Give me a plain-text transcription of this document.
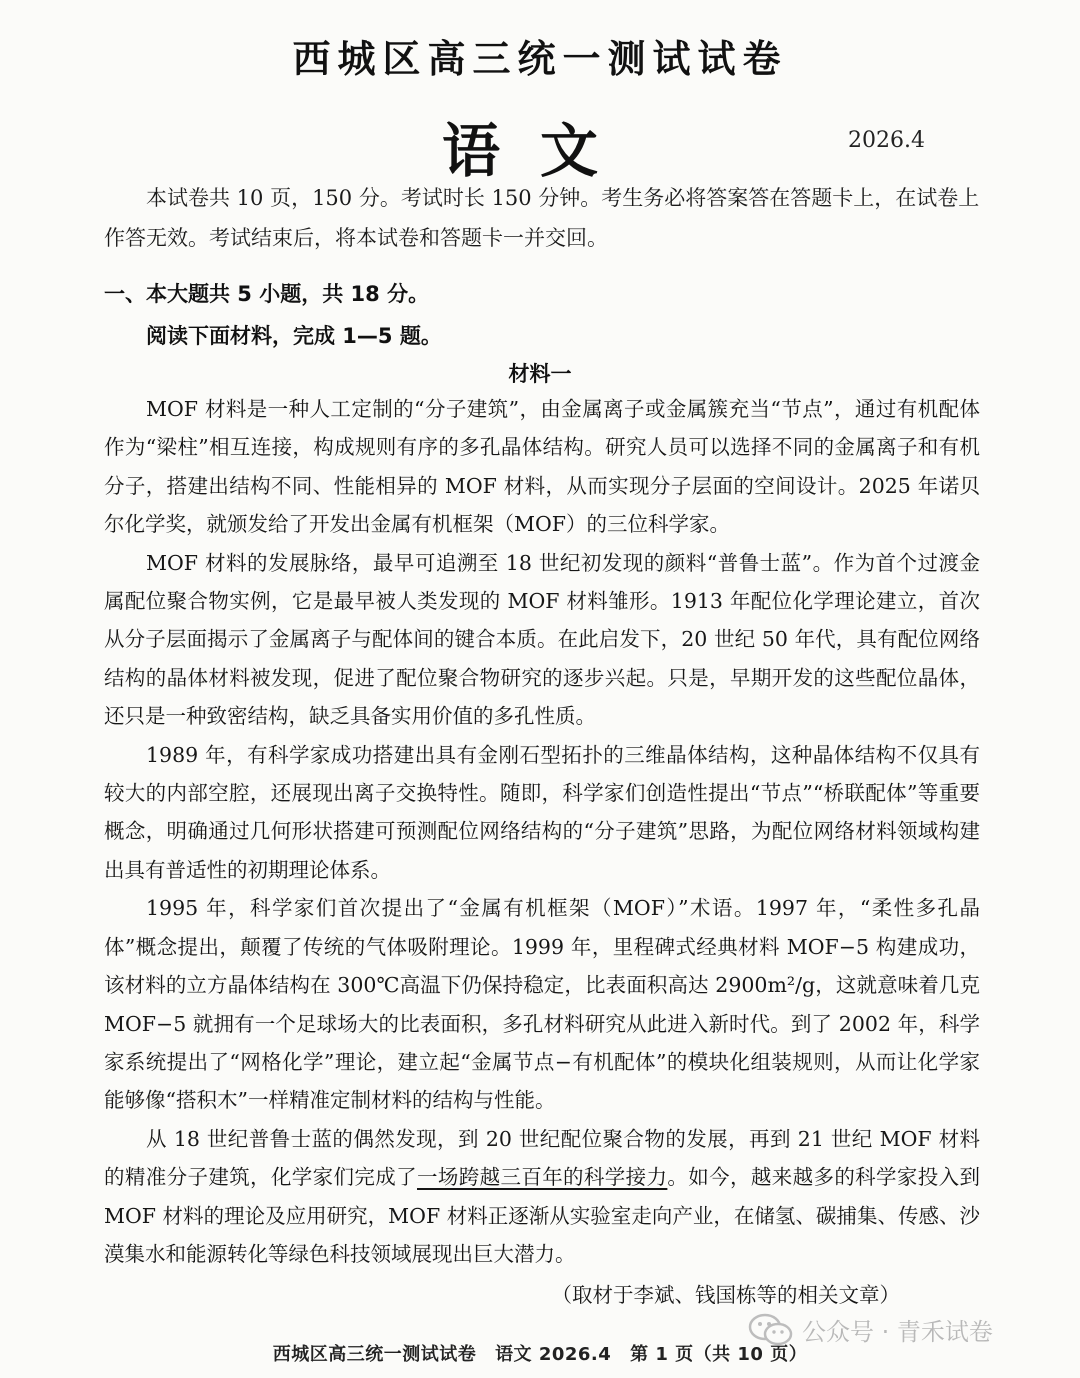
西城区高三统一测试试卷
语文	2026.4
本试卷共 10 页，150 分。考试时长 150 分钟。考生务必将答案答在答题卡上，在试卷上作答无效。考试结束后，将本试卷和答题卡一并交回。
一、本大题共 5 小题，共 18 分。
阅读下面材料，完成 1—5 题。
材料一

MOF 材料是一种人工定制的“分子建筑”，由金属离子或金属簇充当“节点”，通过有机配体作为“梁柱”相互连接，构成规则有序的多孔晶体结构。研究人员可以选择不同的金属离子和有机分子，搭建出结构不同、性能相异的 MOF 材料，从而实现分子层面的空间设计。2025 年诺贝尔化学奖，就颁发给了开发出金属有机框架（MOF）的三位科学家。

MOF 材料的发展脉络，最早可追溯至 18 世纪初发现的颜料“普鲁士蓝”。作为首个过渡金属配位聚合物实例，它是最早被人类发现的 MOF 材料雏形。1913 年配位化学理论建立，首次从分子层面揭示了金属离子与配体间的键合本质。在此启发下，20 世纪 50 年代，具有配位网络结构的晶体材料被发现，促进了配位聚合物研究的逐步兴起。只是，早期开发的这些配位晶体，还只是一种致密结构，缺乏具备实用价值的多孔性质。

1989 年，有科学家成功搭建出具有金刚石型拓扑的三维晶体结构，这种晶体结构不仅具有较大的内部空腔，还展现出离子交换特性。随即，科学家们创造性提出“节点”“桥联配体”等重要概念，明确通过几何形状搭建可预测配位网络结构的“分子建筑”思路，为配位网络材料领域构建出具有普适性的初期理论体系。

1995 年，科学家们首次提出了“金属有机框架（MOF）”术语。1997 年，“柔性多孔晶体”概念提出，颠覆了传统的气体吸附理论。1999 年，里程碑式经典材料 MOF−5 构建成功，该材料的立方晶体结构在 300℃高温下仍保持稳定，比表面积高达 2900m²/g，这就意味着几克 MOF−5 就拥有一个足球场大的比表面积，多孔材料研究从此进入新时代。到了 2002 年，科学家系统提出了“网格化学”理论，建立起“金属节点−有机配体”的模块化组装规则，从而让化学家能够像“搭积木”一样精准定制材料的结构与性能。

从 18 世纪普鲁士蓝的偶然发现，到 20 世纪配位聚合物的发展，再到 21 世纪 MOF 材料的精准分子建筑，化学家们完成了一场跨越三百年的科学接力。如今，越来越多的科学家投入到 MOF 材料的理论及应用研究，MOF 材料正逐渐从实验室走向产业，在储氢、碳捕集、传感、沙漠集水和能源转化等绿色科技领域展现出巨大潜力。

（取材于李斌、钱国栋等的相关文章）
公众号 · 青禾试卷
西城区高三统一测试试卷 语文 2026.4 第 1 页（共 10 页）
